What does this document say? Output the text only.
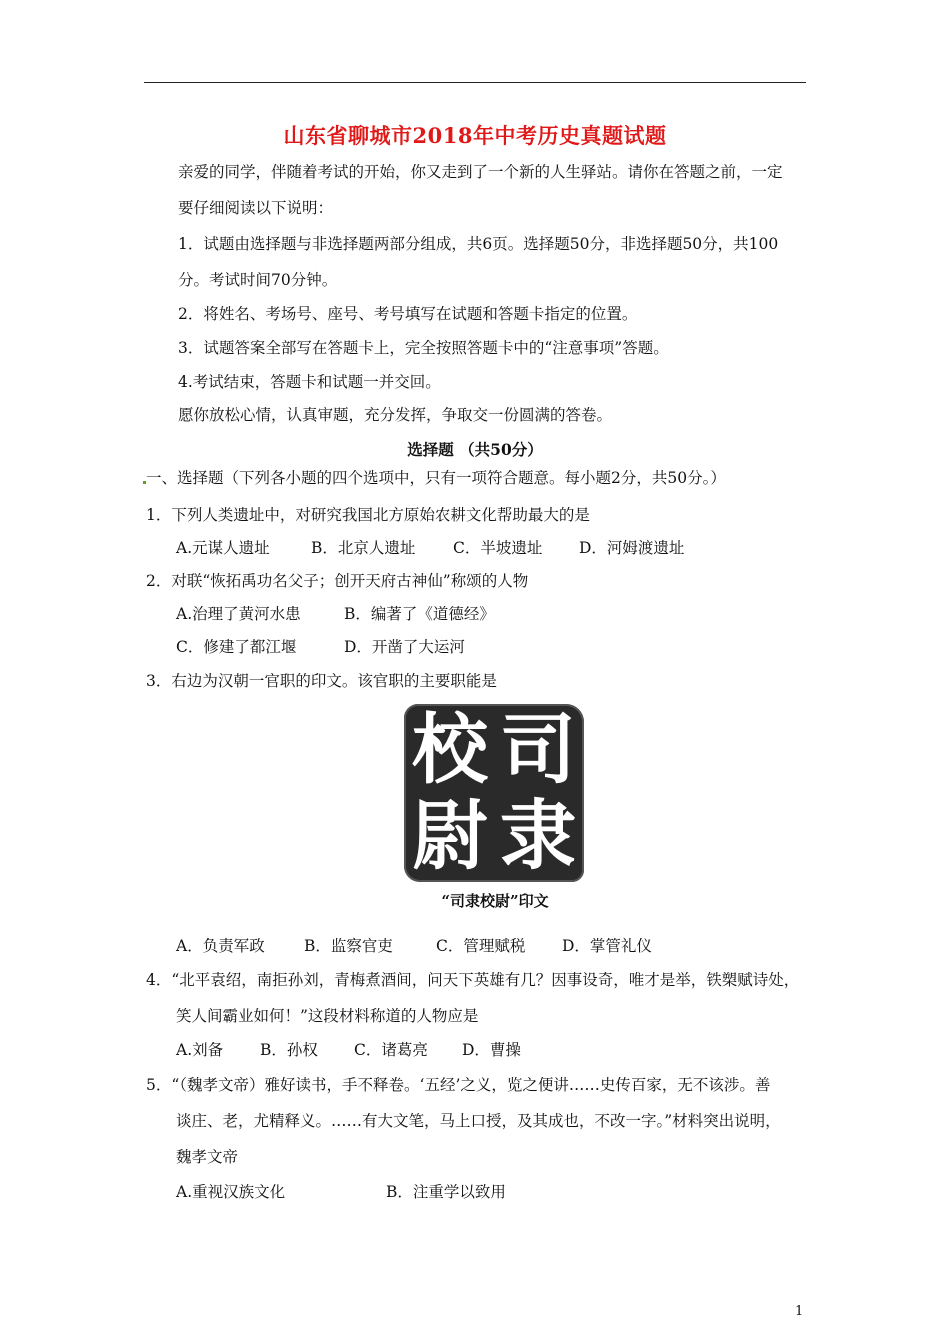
山东省聊城市2018年中考历史真题试题
亲爱的同学，伴随着考试的开始，你又走到了一个新的人生驿站。请你在答题之前，一定
要仔细阅读以下说明：
1．试题由选择题与非选择题两部分组成，共6页。选择题50分，非选择题50分，共100
分。考试时间70分钟。
2．将姓名、考场号、座号、考号填写在试题和答题卡指定的位置。
3．试题答案全部写在答题卡上，完全按照答题卡中的“注意事项”答题。
4.考试结束，答题卡和试题一并交回。
愿你放松心情，认真审题，充分发挥，争取交一份圆满的答卷。
选择题 （共50分）
一、选择题（下列各小题的四个选项中，只有一项符合题意。每小题2分，共50分。）
1．下列人类遗址中，对研究我国北方原始农耕文化帮助最大的是
A.元谋人遗址	B．北京人遗址 C．半坡遗址 D．河姆渡遗址
2．对联“恢拓禹功名父子；创开天府古神仙”称颂的人物
A.治理了黄河水患	B．编著了《道德经》
C．修建了都江堰	D．开凿了大运河
3．右边为汉朝一官职的印文。该官职的主要职能是
司
隶
校
尉
“司隶校尉”印文
A．负责军政	B．监察官吏	C．管理赋税 D．掌管礼仪
4．“北平袁绍，南拒孙刘，青梅煮酒间，问天下英雄有几？因事设奇，唯才是举，铁槊赋诗处，
笑人间霸业如何！”这段材料称道的人物应是
A.刘备 B．孙权 C．诸葛亮 D．曹操
5．“（魏孝文帝）雅好读书，手不释卷。‘五经’之义，览之便讲……史传百家，无不该涉。善
谈庄、老，尤精释义。……有大文笔，马上口授，及其成也，不改一字。”材料突出说明，
魏孝文帝
A.重视汉族文化	B．注重学以致用
1
